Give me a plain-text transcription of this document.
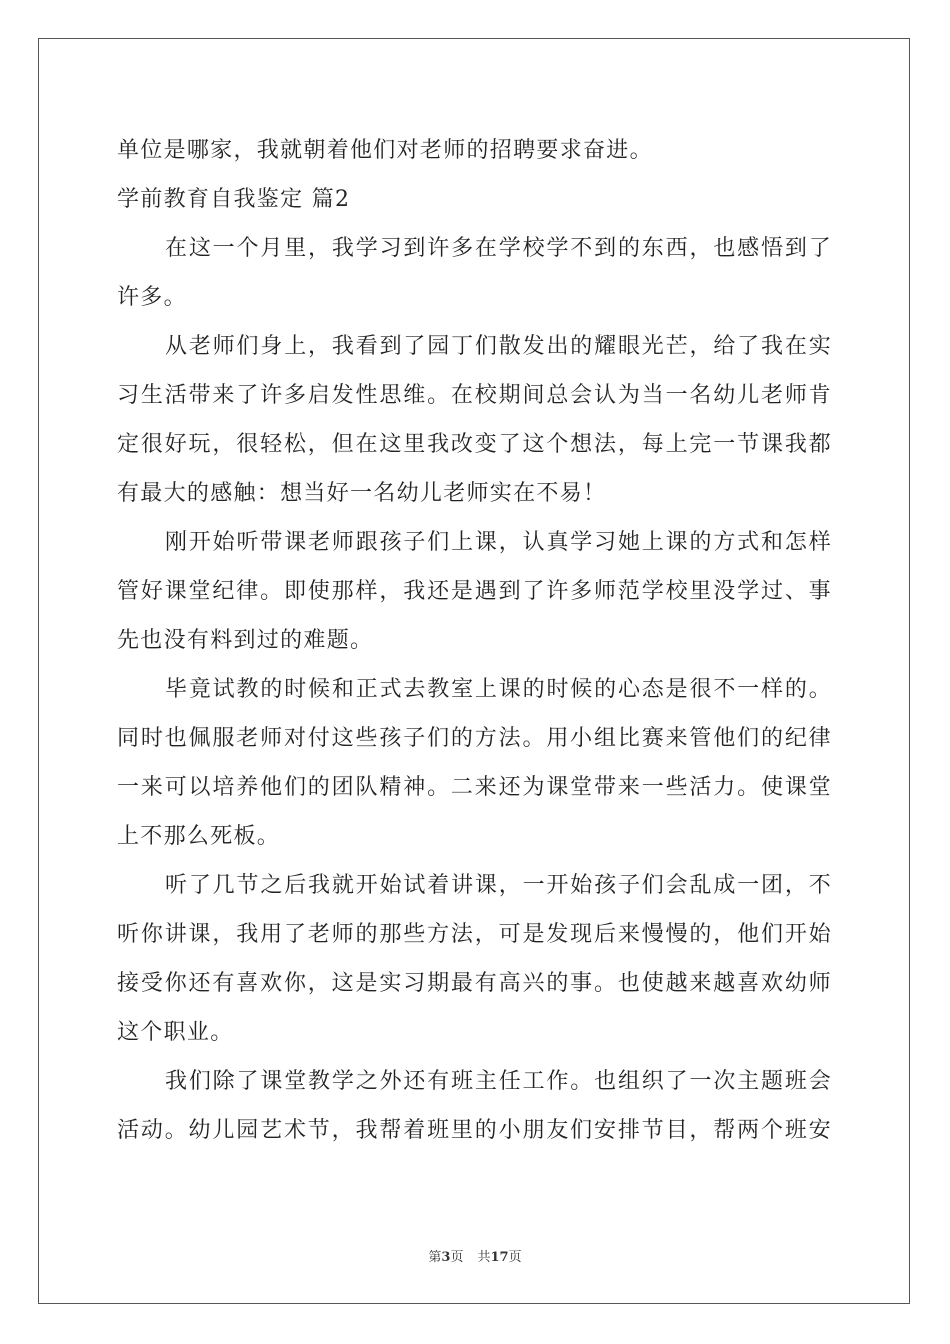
单位是哪家，我就朝着他们对老师的招聘要求奋进。
学前教育自我鉴定 篇2
在这一个月里，我学习到许多在学校学不到的东西，也感悟到了
许多。
从老师们身上，我看到了园丁们散发出的耀眼光芒，给了我在实
习生活带来了许多启发性思维。在校期间总会认为当一名幼儿老师肯
定很好玩，很轻松，但在这里我改变了这个想法，每上完一节课我都
有最大的感触：想当好一名幼儿老师实在不易！
刚开始听带课老师跟孩子们上课，认真学习她上课的方式和怎样
管好课堂纪律。即使那样，我还是遇到了许多师范学校里没学过、事
先也没有料到过的难题。
毕竟试教的时候和正式去教室上课的时候的心态是很不一样的。
同时也佩服老师对付这些孩子们的方法。用小组比赛来管他们的纪律
一来可以培养他们的团队精神。二来还为课堂带来一些活力。使课堂
上不那么死板。
听了几节之后我就开始试着讲课，一开始孩子们会乱成一团，不
听你讲课，我用了老师的那些方法，可是发现后来慢慢的，他们开始
接受你还有喜欢你，这是实习期最有高兴的事。也使越来越喜欢幼师
这个职业。
我们除了课堂教学之外还有班主任工作。也组织了一次主题班会
活动。幼儿园艺术节，我帮着班里的小朋友们安排节目，帮两个班安
第3页 共17页
